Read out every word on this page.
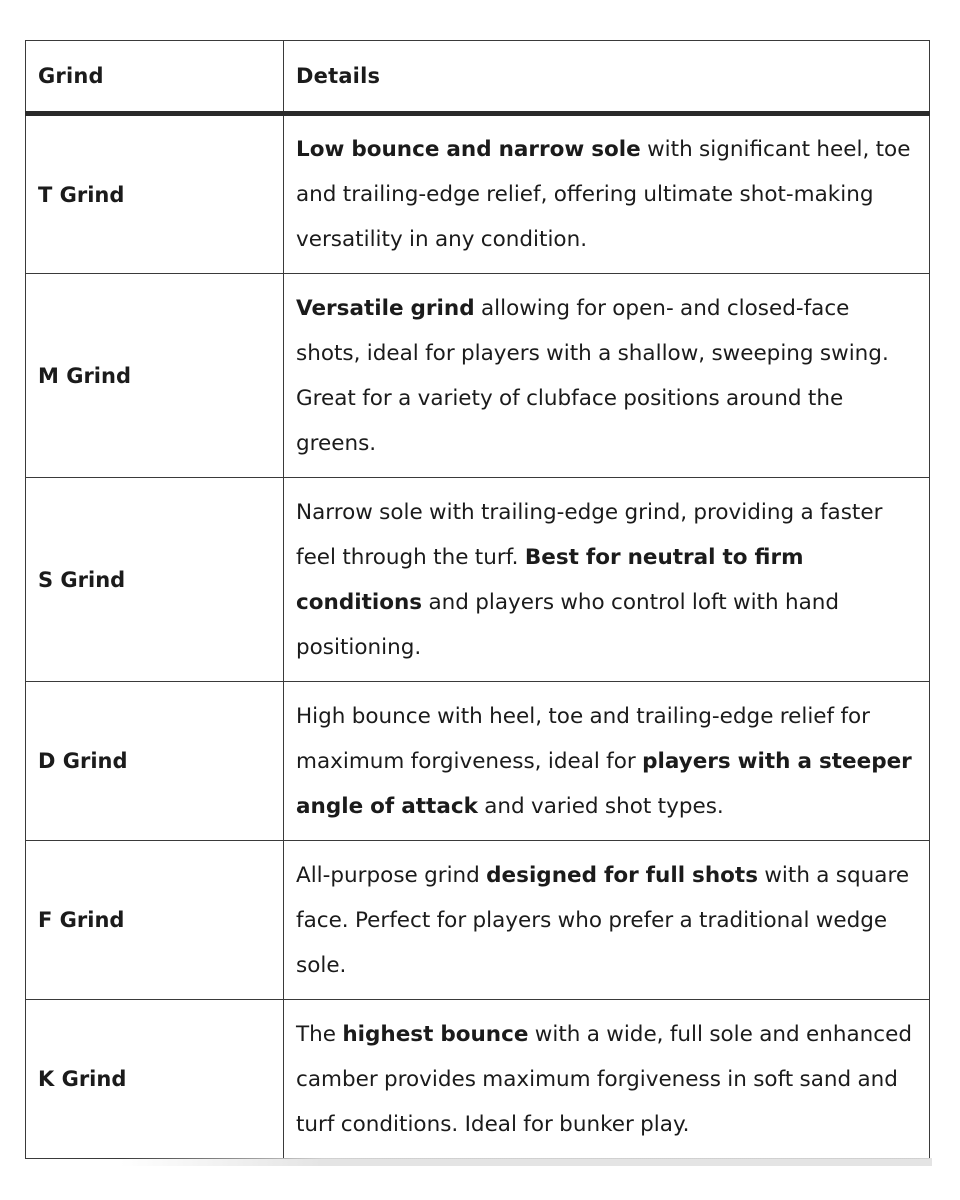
Grind	Details
T Grind	Low bounce and narrow sole with significant heel, toe and trailing-edge relief, offering ultimate shot-making versatility in any condition.
M Grind	Versatile grind allowing for open- and closed-face shots, ideal for players with a shallow, sweeping swing. Great for a variety of clubface positions around the greens.
S Grind	Narrow sole with trailing-edge grind, providing a faster feel through the turf. Best for neutral to firm conditions and players who control loft with hand positioning.
D Grind	High bounce with heel, toe and trailing-edge relief for maximum forgiveness, ideal for players with a steeper angle of attack and varied shot types.
F Grind	All-purpose grind designed for full shots with a square face. Perfect for players who prefer a traditional wedge sole.
K Grind	The highest bounce with a wide, full sole and enhanced camber provides maximum forgiveness in soft sand and turf conditions. Ideal for bunker play.
